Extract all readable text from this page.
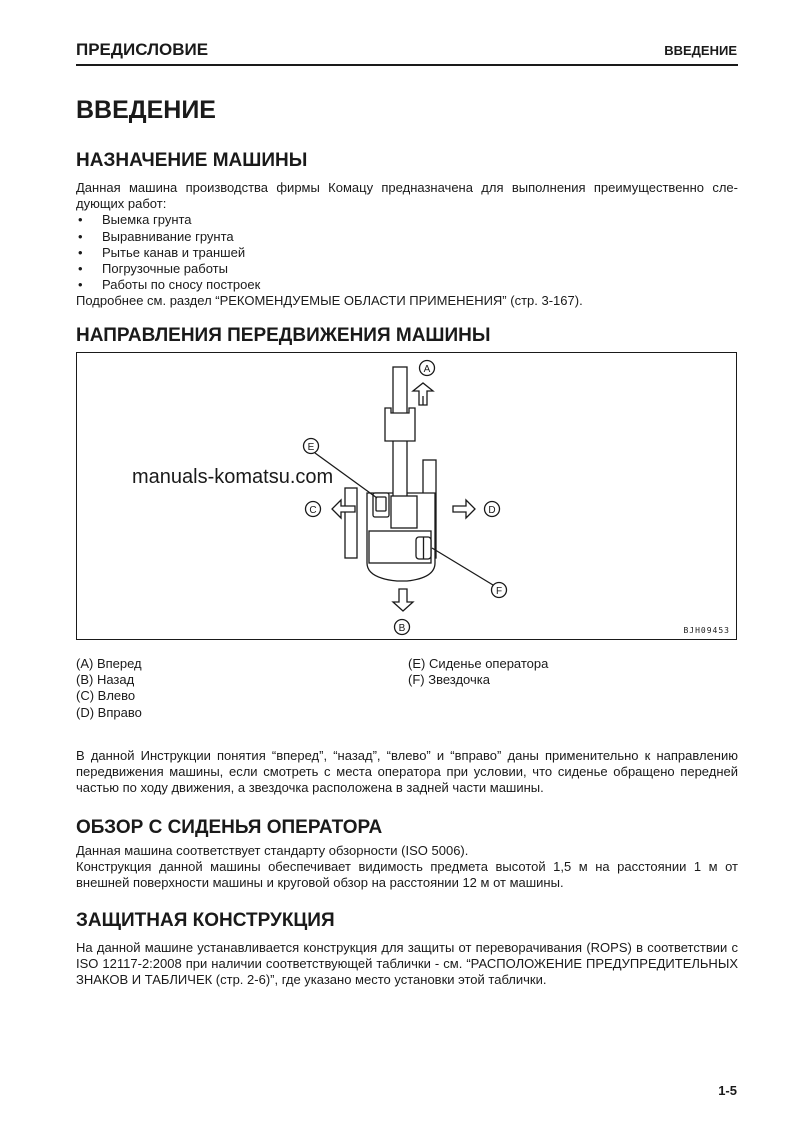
ПРЕДИСЛОВИЕ	ВВЕДЕНИЕ
ВВЕДЕНИЕ
НАЗНАЧЕНИЕ МАШИНЫ
Данная машина производства фирмы Комацу предназначена для выполнения преимущественно следующих работ:
• Выемка грунта
• Выравнивание грунта
• Рытье канав и траншей
• Погрузочные работы
• Работы по сносу построек
Подробнее см. раздел “РЕКОМЕНДУЕМЫЕ ОБЛАСТИ ПРИМЕНЕНИЯ” (стр. 3-167).
НАПРАВЛЕНИЯ ПЕРЕДВИЖЕНИЯ МАШИНЫ
A
B
C	D
E
F
BJH09453
manuals-komatsu.com
(A) Вперед
(B) Назад
(C) Влево
(D) Вправо
(E) Сиденье оператора
(F) Звездочка
В данной Инструкции понятия “вперед”, “назад”, “влево” и “вправо” даны применительно к направлению передвижения машины, если смотреть с места оператора при условии, что сиденье обращено передней частью по ходу движения, а звездочка расположена в задней части машины.
ОБЗОР С СИДЕНЬЯ ОПЕРАТОРА
Данная машина соответствует стандарту обзорности (ISO 5006).
Конструкция данной машины обеспечивает видимость предмета высотой 1,5 м на расстоянии 1 м от внешней поверхности машины и круговой обзор на расстоянии 12 м от машины.
ЗАЩИТНАЯ КОНСТРУКЦИЯ
На данной машине устанавливается конструкция для защиты от переворачивания (ROPS) в соответствии с ISO 12117-2:2008 при наличии соответствующей таблички - см. “РАСПОЛОЖЕНИЕ ПРЕДУПРЕДИТЕЛЬНЫХ ЗНАКОВ И ТАБЛИЧЕК (стр. 2-6)”, где указано место установки этой таблички.
1-5
